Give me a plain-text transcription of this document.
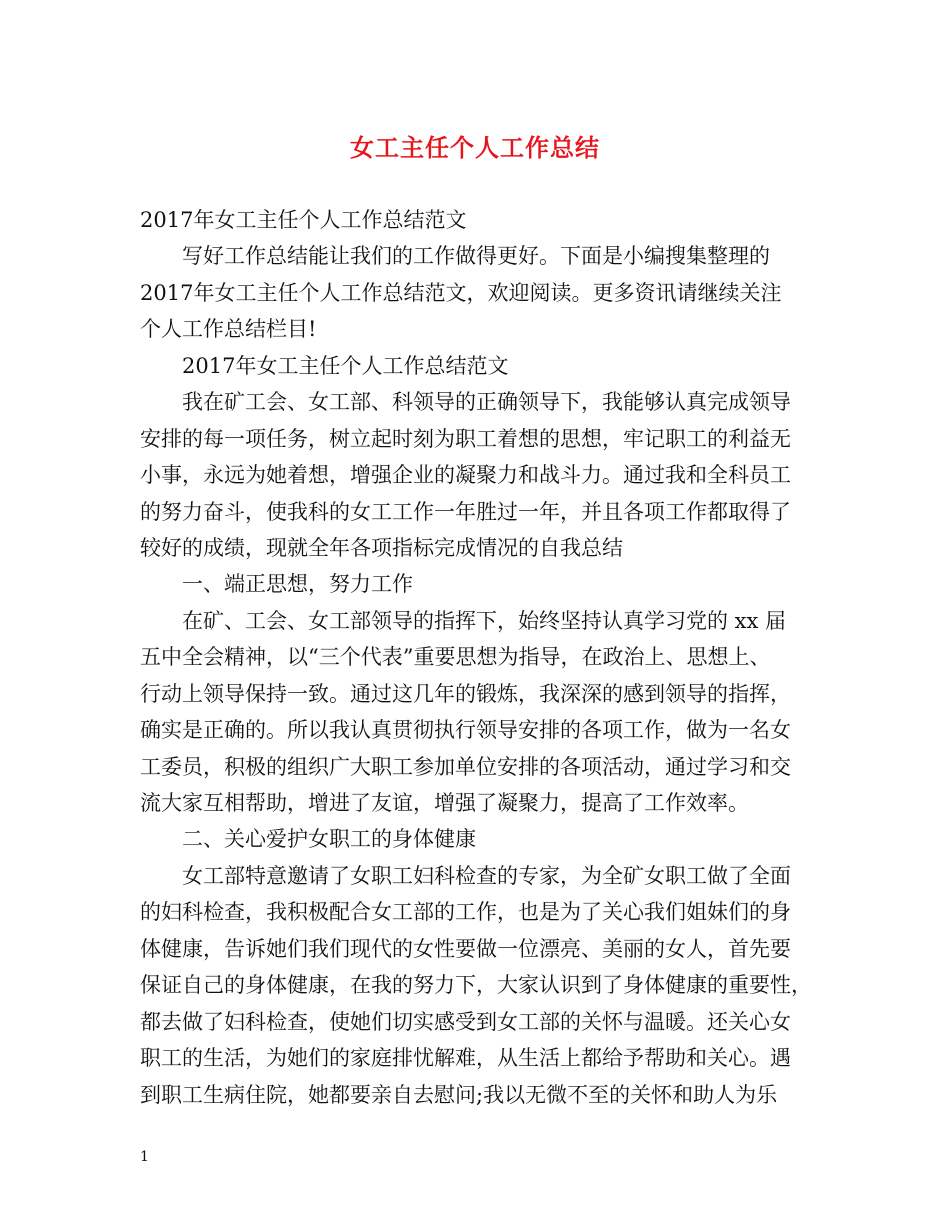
女工主任个人工作总结
2017年女工主任个人工作总结范文
写好工作总结能让我们的工作做得更好。下面是小编搜集整理的
2017年女工主任个人工作总结范文，欢迎阅读。更多资讯请继续关注
个人工作总结栏目!
2017年女工主任个人工作总结范文
我在矿工会、女工部、科领导的正确领导下，我能够认真完成领导
安排的每一项任务，树立起时刻为职工着想的思想，牢记职工的利益无
小事，永远为她着想，增强企业的凝聚力和战斗力。通过我和全科员工
的努力奋斗，使我科的女工工作一年胜过一年，并且各项工作都取得了
较好的成绩，现就全年各项指标完成情况的自我总结
一、端正思想，努力工作
在矿、工会、女工部领导的指挥下，始终坚持认真学习党的 xx 届
五中全会精神，以“三个代表”重要思想为指导，在政治上、思想上、
行动上领导保持一致。通过这几年的锻炼，我深深的感到领导的指挥，
确实是正确的。所以我认真贯彻执行领导安排的各项工作，做为一名女
工委员，积极的组织广大职工参加单位安排的各项活动，通过学习和交
流大家互相帮助，增进了友谊，增强了凝聚力，提高了工作效率。
二、关心爱护女职工的身体健康
女工部特意邀请了女职工妇科检查的专家，为全矿女职工做了全面
的妇科检查，我积极配合女工部的工作，也是为了关心我们姐妹们的身
体健康，告诉她们我们现代的女性要做一位漂亮、美丽的女人，首先要
保证自己的身体健康，在我的努力下，大家认识到了身体健康的重要性，
都去做了妇科检查，使她们切实感受到女工部的关怀与温暖。还关心女
职工的生活，为她们的家庭排忧解难，从生活上都给予帮助和关心。遇
到职工生病住院，她都要亲自去慰问;我以无微不至的关怀和助人为乐
1
